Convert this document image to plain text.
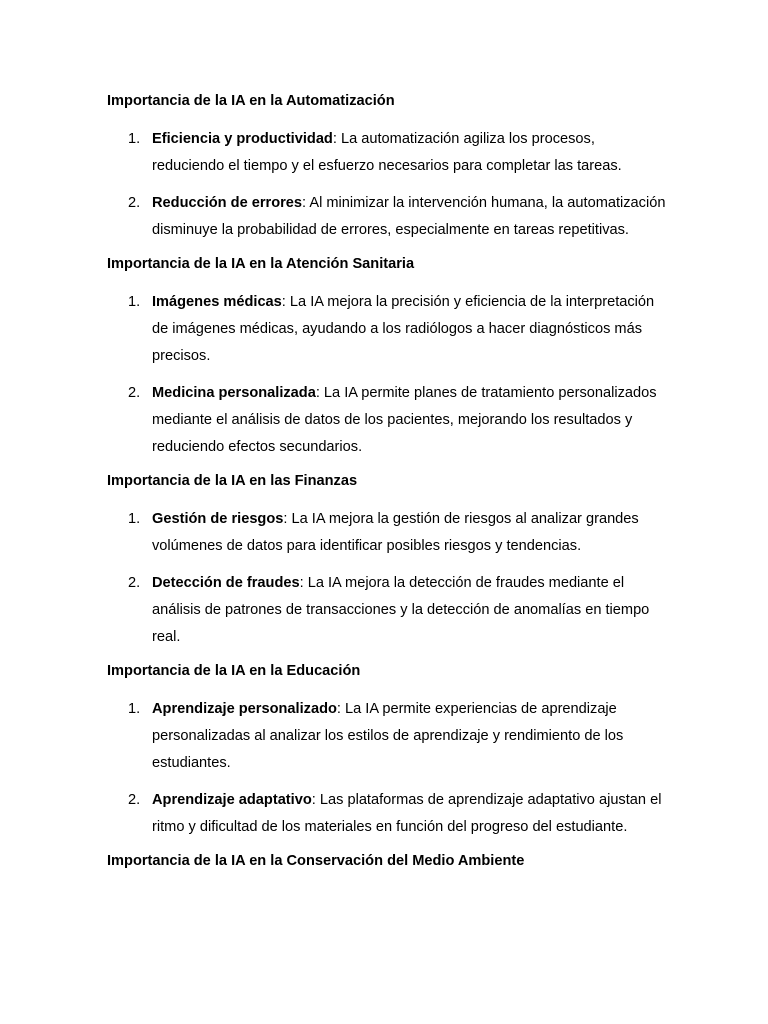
Importancia de la IA en la Automatización
1. Eficiencia y productividad: La automatización agiliza los procesos, reduciendo el tiempo y el esfuerzo necesarios para completar las tareas.
2. Reducción de errores: Al minimizar la intervención humana, la automatización disminuye la probabilidad de errores, especialmente en tareas repetitivas.
Importancia de la IA en la Atención Sanitaria
1. Imágenes médicas: La IA mejora la precisión y eficiencia de la interpretación de imágenes médicas, ayudando a los radiólogos a hacer diagnósticos más precisos.
2. Medicina personalizada: La IA permite planes de tratamiento personalizados mediante el análisis de datos de los pacientes, mejorando los resultados y reduciendo efectos secundarios.
Importancia de la IA en las Finanzas
1. Gestión de riesgos: La IA mejora la gestión de riesgos al analizar grandes volúmenes de datos para identificar posibles riesgos y tendencias.
2. Detección de fraudes: La IA mejora la detección de fraudes mediante el análisis de patrones de transacciones y la detección de anomalías en tiempo real.
Importancia de la IA en la Educación
1. Aprendizaje personalizado: La IA permite experiencias de aprendizaje personalizadas al analizar los estilos de aprendizaje y rendimiento de los estudiantes.
2. Aprendizaje adaptativo: Las plataformas de aprendizaje adaptativo ajustan el ritmo y dificultad de los materiales en función del progreso del estudiante.
Importancia de la IA en la Conservación del Medio Ambiente
